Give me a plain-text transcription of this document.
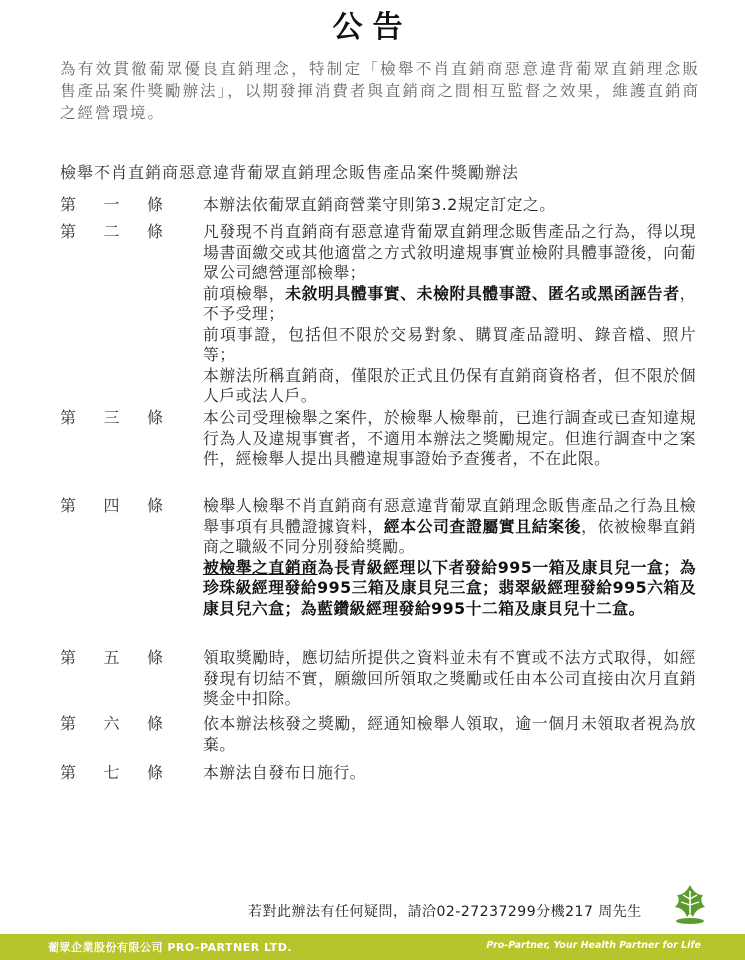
公告
為有效貫徹葡眾優良直銷理念，特制定「檢舉不肖直銷商惡意違背葡眾直銷理念販售產品案件獎勵辦法」，以期發揮消費者與直銷商之間相互監督之效果，維護直銷商之經營環境。
檢舉不肖直銷商惡意違背葡眾直銷理念販售產品案件獎勵辦法
第 一 條	本辦法依葡眾直銷商營業守則第3.2規定訂定之。

第 二 條	凡發現不肖直銷商有惡意違背葡眾直銷理念販售產品之行為，得以現場書面繳交或其他適當之方式敘明違規事實並檢附具體事證後，向葡眾公司總營運部檢舉；

前項檢舉，未敘明具體事實、未檢附具體事證、匿名或黑函誣告者，不予受理；

前項事證，包括但不限於交易對象、購買產品證明、錄音檔、照片等；

本辦法所稱直銷商，僅限於正式且仍保有直銷商資格者，但不限於個人戶或法人戶。

第 三 條	本公司受理檢舉之案件，於檢舉人檢舉前，已進行調查或已查知違規行為人及違規事實者，不適用本辦法之獎勵規定。但進行調查中之案件，經檢舉人提出具體違規事證始予查獲者，不在此限。

第 四 條	檢舉人檢舉不肖直銷商有惡意違背葡眾直銷理念販售產品之行為且檢舉事項有具體證據資料，經本公司查證屬實且結案後，依被檢舉直銷商之職級不同分別發給獎勵。

被檢舉之直銷商為長青級經理以下者發給995一箱及康貝兒一盒；為珍珠級經理發給995三箱及康貝兒三盒；翡翠級經理發給995六箱及康貝兒六盒；為藍鑽級經理發給995十二箱及康貝兒十二盒。

第 五 條	領取獎勵時，應切結所提供之資料並未有不實或不法方式取得，如經發現有切結不實，願繳回所領取之獎勵或任由本公司直接由次月直銷獎金中扣除。

第 六 條	依本辦法核發之獎勵，經通知檢舉人領取，逾一個月未領取者視為放棄。

第 七 條	本辦法自發布日施行。

若對此辦法有任何疑問，請洽02-27237299分機217 周先生
葡眾企業股份有限公司 PRO-PARTNER LTD.	Pro-Partner, Your Health Partner for Life
